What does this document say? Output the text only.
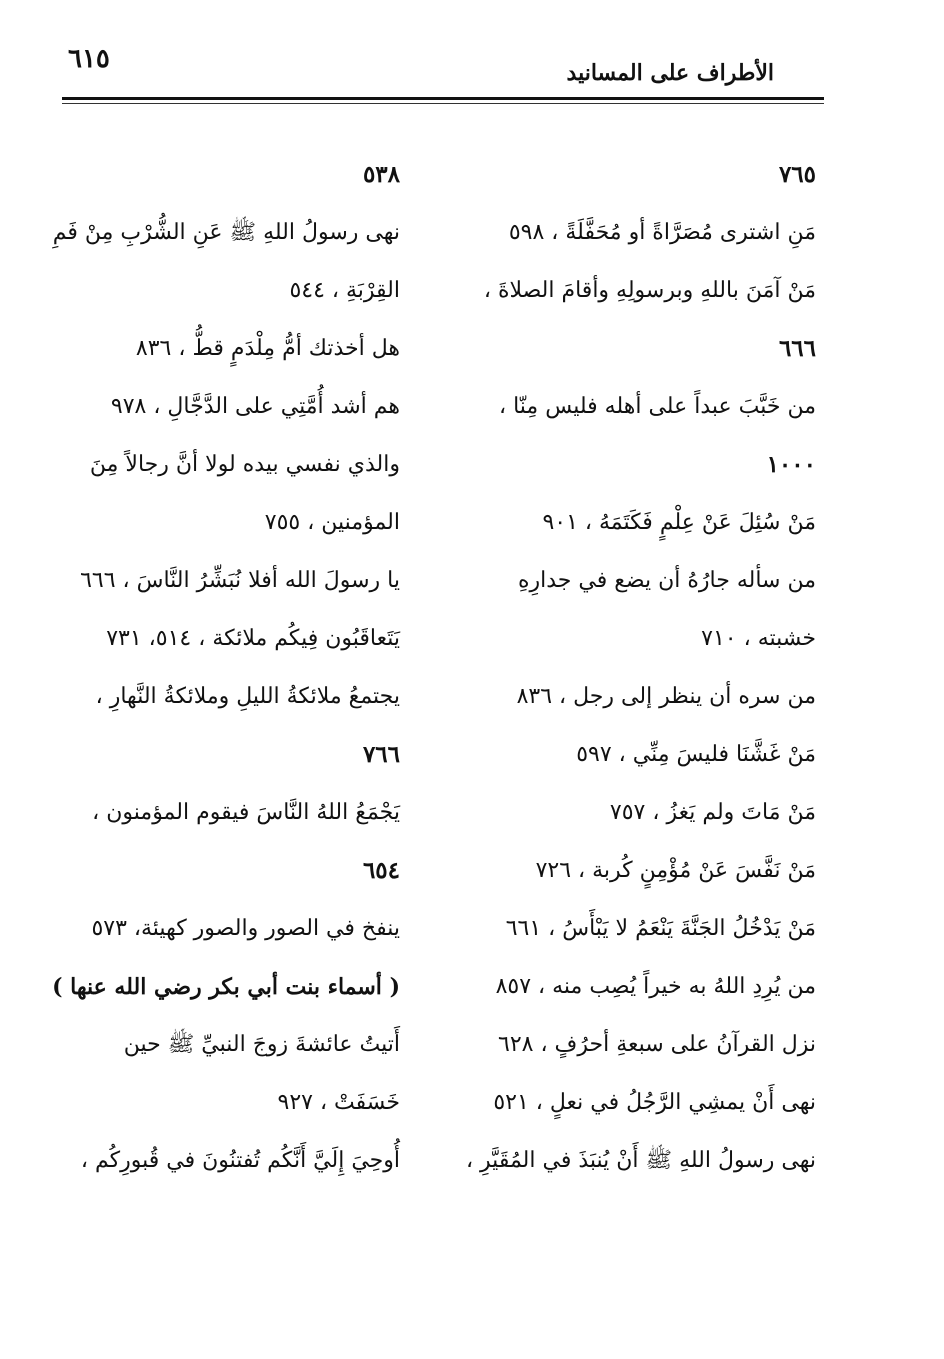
٦١٥	الأطراف على المسانيد
٧٦٥
مَنِ اشترى مُصَرَّاةً أو مُحَفَّلَةً ، ٥٩٨
مَنْ آمَنَ باللهِ وبرسولِهِ وأقامَ الصلاةَ ،
٦٦٦
من خَبَّبَ عبداً على أهله فليس مِنّا ،
١٠٠٠
مَنْ سُئِلَ عَنْ عِلْمٍ فَكَتَمَهُ ، ٩٠١
من سأله جارُهُ أن يضع في جدارِهِ
خشبته ، ٧١٠
من سره أن ينظر إلى رجل ، ٨٣٦
مَنْ غَشَّنَا فليسَ مِنِّي ، ٥٩٧
مَنْ مَاتَ ولم يَغزُ ، ٧٥٧
مَنْ نَفَّسَ عَنْ مُؤْمِنٍ كُربة ، ٧٢٦
مَنْ يَدْخُلُ الجَنَّةَ يَنْعَمُ لا يَبْأَسُ ، ٦٦١
من يُرِدِ اللهُ به خيراً يُصِب منه ، ٨٥٧
نزل القرآنُ على سبعةِ أحرُفٍ ، ٦٢٨
نهى أَنْ يمشِي الرَّجُلُ في نعلٍ ، ٥٢١
نهى رسولُ اللهِ ﷺ أَنْ يُنبَذَ في المُقَيَّرِ ،
٥٣٨
نهى رسولُ اللهِ ﷺ عَنِ الشُّرْبِ مِنْ فَمِ
القِرْبَةِ ، ٥٤٤
هل أخذتك أمُّ مِلْدَمٍ قطُّ ، ٨٣٦
هم أشد أُمَّتِي على الدَّجَّالِ ، ٩٧٨
والذي نفسي بيده لولا أنَّ رجالاً مِنَ
المؤمنين ، ٧٥٥
يا رسولَ الله أفلا نُبَشِّرُ النَّاسَ ، ٦٦٦
يَتَعاقَبُون فِيكُم ملائكة ، ٥١٤، ٧٣١
يجتمعُ ملائكةُ الليلِ وملائكةُ النَّهارِ ،
٧٦٦
يَجْمَعُ اللهُ النَّاسَ فيقوم المؤمنون ،
٦٥٤
ينفخ في الصور والصور كهيئة، ٥٧٣
( أسماء بنت أبي بكر رضي الله عنها )
أَتيتُ عائشةَ زوجَ النبيِّ ﷺ حين
خَسَفَتْ ، ٩٢٧
أُوحِيَ إِلَيَّ أَنَّكُم تُفتنُونَ في قُبورِكُم ،
